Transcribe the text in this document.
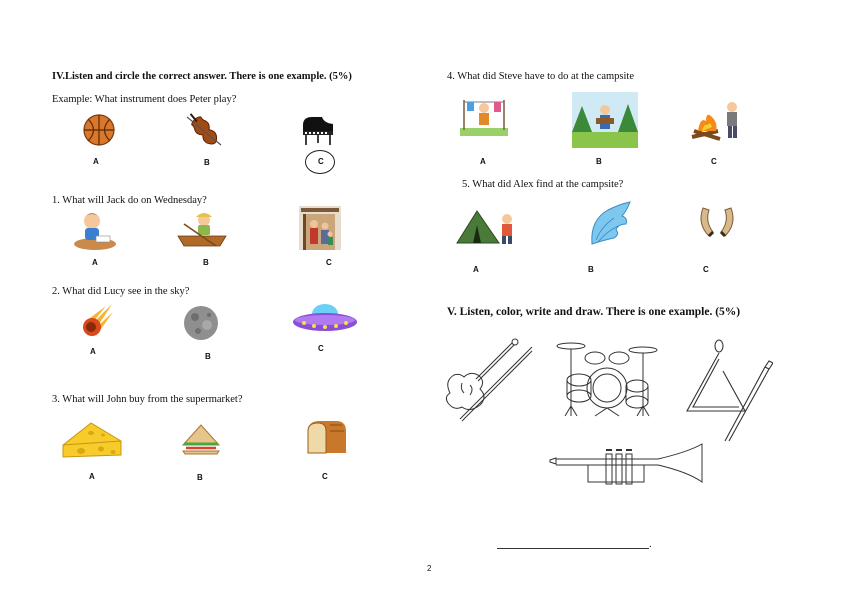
IV.Listen and circle the correct answer. There is one example. (5%)
Example: What instrument does Peter play?
A	B	C
1. What will Jack do on Wednesday?
A	B	C
2. What did Lucy see in the sky?
A
B
C
3. What will John buy from the supermarket?
A	B	C
4. What did Steve have to do at the campsite
A	B	C
5. What did Alex find at the campsite?
A	B	C
V. Listen, color, write and draw. There is one example. (5%)
.
2
